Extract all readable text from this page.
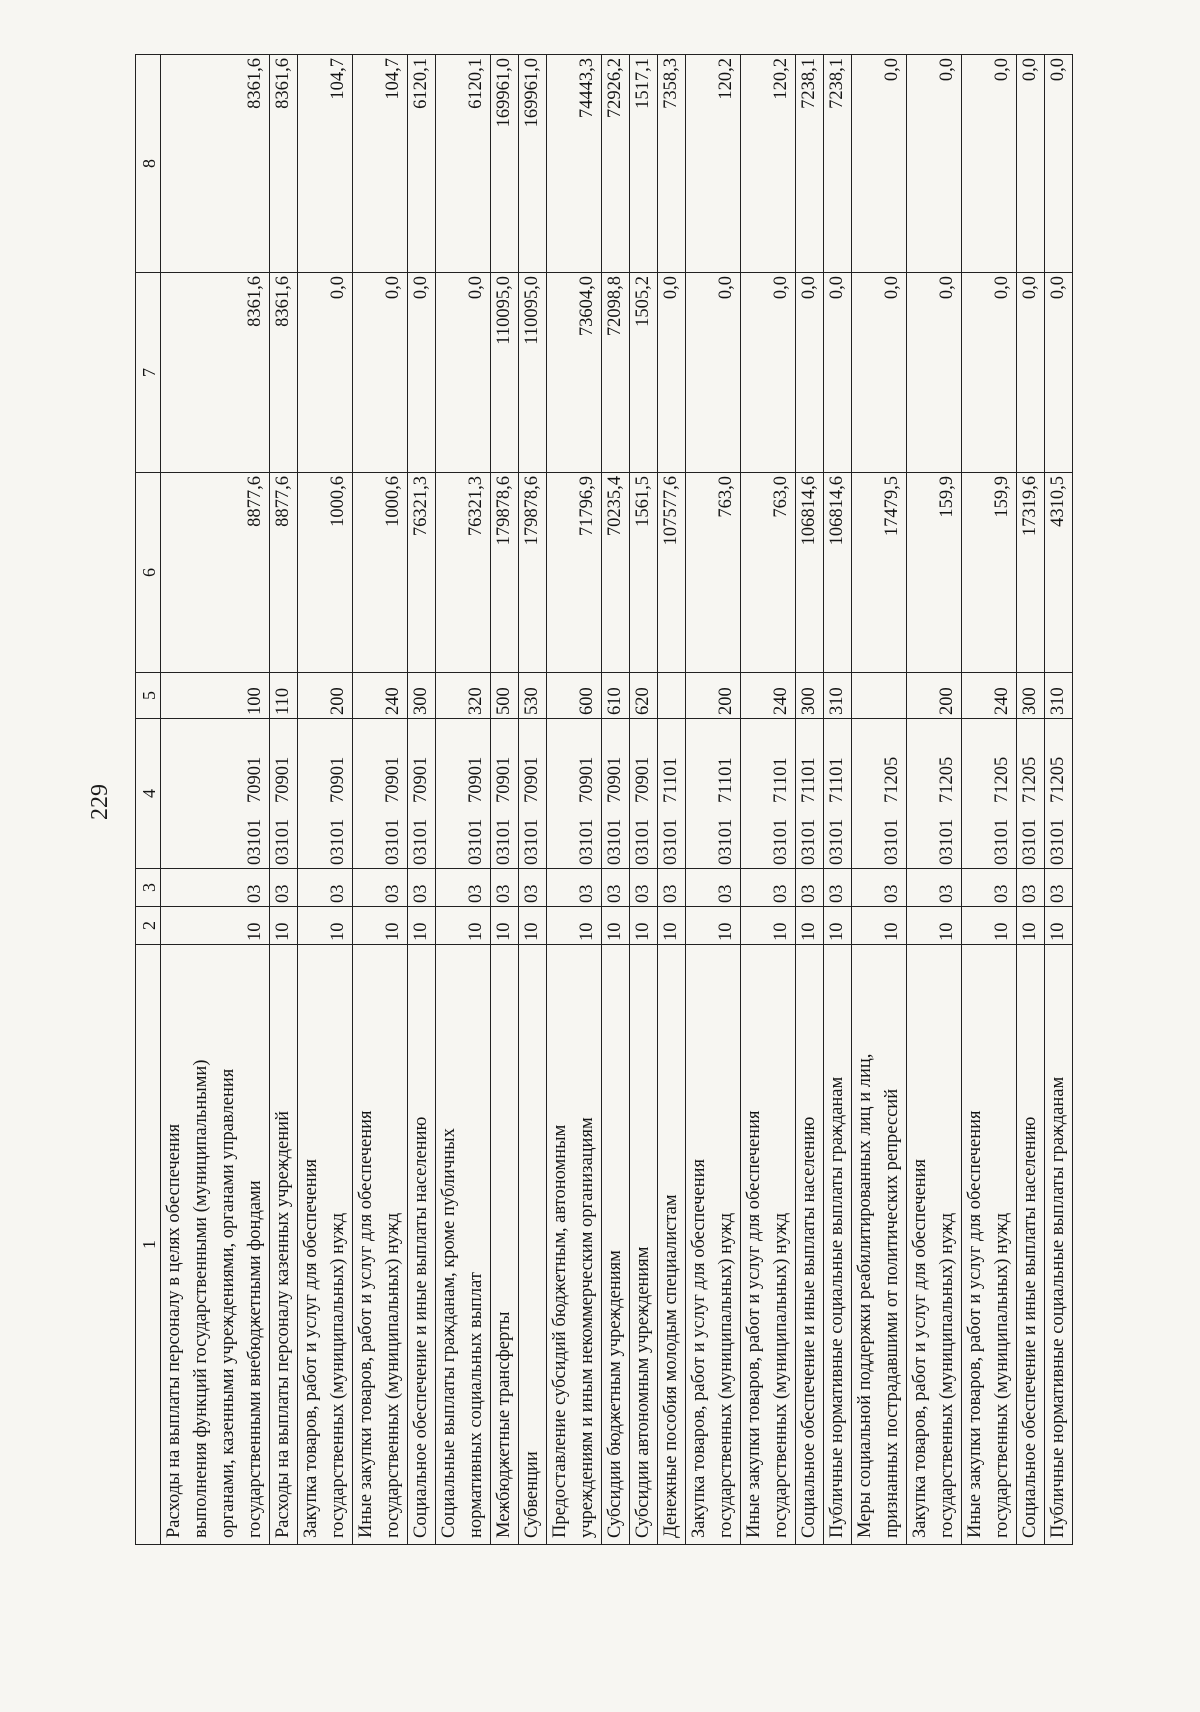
229
1	2	3	4	5	6	7	8

Расходы на выплаты персоналу в целях обеспечения выполнения функций государственными (муниципальными) органами, казенными учреждениями, органами управления государственными внебюджетными фондами	10	03	0310170901	100	8877,6	8361,6	8361,6

Расходы на выплаты персоналу казенных учреждений	10	03	0310170901	110	8877,6	8361,6	8361,6

Закупка товаров, работ и услуг для обеспечения государственных (муниципальных) нужд	10	03	0310170901	200	1000,6	0,0	104,7

Иные закупки товаров, работ и услуг для обеспечения государственных (муниципальных) нужд	10	03	0310170901	240	1000,6	0,0	104,7

Социальное обеспечение и иные выплаты населению	10	03	0310170901	300	76321,3	0,0	6120,1

Социальные выплаты гражданам, кроме публичных нормативных социальных выплат	10	03	0310170901	320	76321,3	0,0	6120,1

Межбюджетные трансферты	10	03	0310170901	500	179878,6	110095,0	169961,0

Субвенции	10	03	0310170901	530	179878,6	110095,0	169961,0

Предоставление субсидий бюджетным, автономным учреждениям и иным некоммерческим организациям	10	03	0310170901	600	71796,9	73604,0	74443,3

Субсидии бюджетным учреждениям	10	03	0310170901	610	70235,4	72098,8	72926,2

Субсидии автономным учреждениям	10	03	0310170901	620	1561,5	1505,2	1517,1

Денежные пособия молодым специалистам	10	03	0310171101		107577,6	0,0	7358,3

Закупка товаров, работ и услуг для обеспечения государственных (муниципальных) нужд	10	03	0310171101	200	763,0	0,0	120,2

Иные закупки товаров, работ и услуг для обеспечения государственных (муниципальных) нужд	10	03	0310171101	240	763,0	0,0	120,2

Социальное обеспечение и иные выплаты населению	10	03	0310171101	300	106814,6	0,0	7238,1

Публичные нормативные социальные выплаты гражданам	10	03	0310171101	310	106814,6	0,0	7238,1

Меры социальной поддержки реабилитированных лиц и лиц, признанных пострадавшими от политических репрессий	10	03	0310171205		17479,5	0,0	0,0

Закупка товаров, работ и услуг для обеспечения государственных (муниципальных) нужд	10	03	0310171205	200	159,9	0,0	0,0

Иные закупки товаров, работ и услуг для обеспечения государственных (муниципальных) нужд	10	03	0310171205	240	159,9	0,0	0,0

Социальное обеспечение и иные выплаты населению	10	03	0310171205	300	17319,6	0,0	0,0

Публичные нормативные социальные выплаты гражданам	10	03	0310171205	310	4310,5	0,0	0,0
